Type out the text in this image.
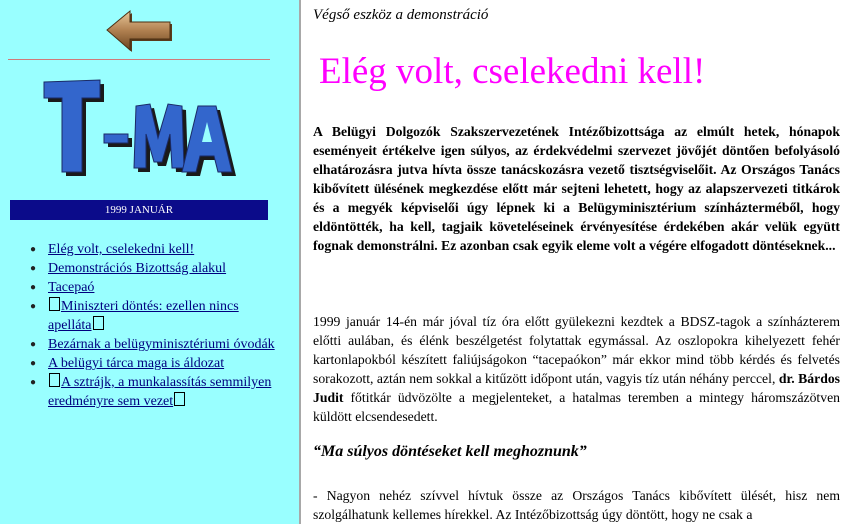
1999 JANUÁR
● Elég volt, cselekedni kell!
● Demonstrációs Bizottság alakul
● Tacepaó
● Miniszteri döntés: ezellen nincs apelláta
● Bezárnak a belügyminisztériumi óvodák
● A belügyi tárca maga is áldozat
● A sztrájk, a munkalassítás semmilyen eredményre sem vezet
Végső eszköz a demonstráció
Elég volt, cselekedni kell!

A Belügyi Dolgozók Szakszervezetének Intézőbizottsága az elmúlt hetek, hónapok eseményeit értékelve igen súlyos, az érdekvédelmi szervezet jövőjét döntően befolyásoló elhatározásra jutva hívta össze tanácskozásra vezető tisztségviselőit. Az Országos Tanács kibővített ülésének megkezdése előtt már sejteni lehetett, hogy az alapszervezeti titkárok és a megyék képviselői úgy lépnek ki a Belügyminisztérium színházterméből, hogy eldöntötték, ha kell, tagjaik követeléseinek érvényesítése érdekében akár velük együtt fognak demonstrálni. Ez azonban csak egyik eleme volt a végére elfogadott döntéseknek...

1999 január 14-én már jóval tíz óra előtt gyülekezni kezdtek a BDSZ-tagok a színházterem előtti aulában, és élénk beszélgetést folytattak egymással. Az oszlopokra kihelyezett fehér kartonlapokból készített faliújságokon “tacepaókon” már ekkor mind több kérdés és felvetés sorakozott, aztán nem sokkal a kitűzött időpont után, vagyis tíz után néhány perccel, dr. Bárdos Judit főtitkár üdvözölte a megjelenteket, a hatalmas teremben a mintegy háromszázötven küldött elcsendesedett.

“Ma súlyos döntéseket kell meghoznunk”

- Nagyon nehéz szívvel hívtuk össze az Országos Tanács kibővített ülését, hisz nem szolgálhatunk kellemes hírekkel. Az Intézőbizottság úgy döntött, hogy ne csak a
